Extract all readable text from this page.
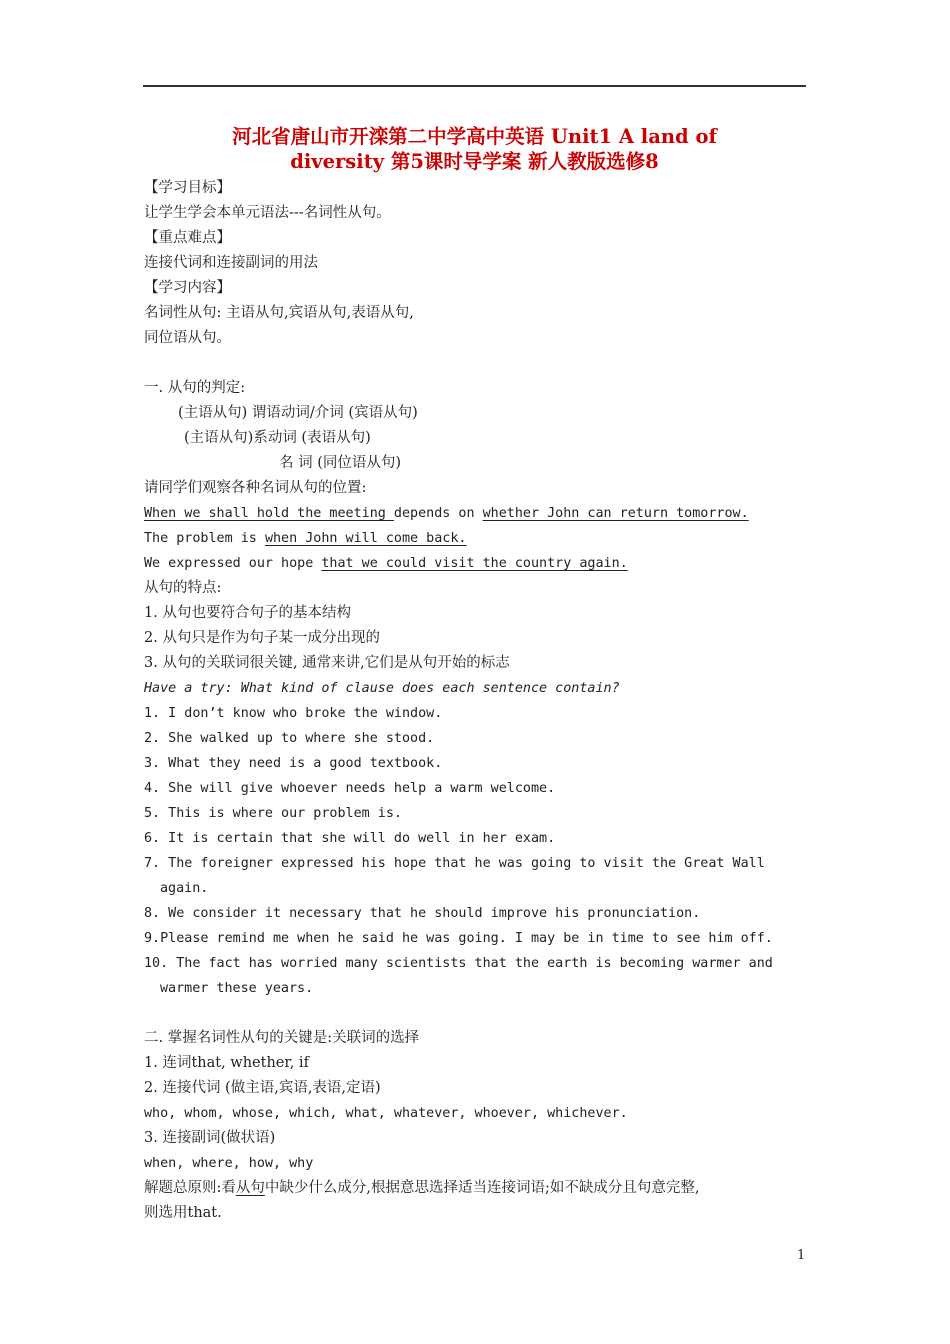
河北省唐山市开滦第二中学高中英语 Unit1 A land of
diversity 第5课时导学案 新人教版选修8
【学习目标】
让学生学会本单元语法---名词性从句。
【重点难点】
连接代词和连接副词的用法
【学习内容】
名词性从句: 主语从句,宾语从句,表语从句,
同位语从句。
一. 从句的判定:
(主语从句) 谓语动词/介词 (宾语从句)
(主语从句)系动词 (表语从句)
名 词 (同位语从句)
请同学们观察各种名词从句的位置:
When we shall hold the meeting depends on whether John can return tomorrow.
The problem is when John will come back.
We expressed our hope that we could visit the country again.
从句的特点:
1. 从句也要符合句子的基本结构
2. 从句只是作为句子某一成分出现的
3. 从句的关联词很关键, 通常来讲,它们是从句开始的标志
Have a try: What kind of clause does each sentence contain?
1. I don’t know who broke the window.
2. She walked up to where she stood.
3. What they need is a good textbook.
4. She will give whoever needs help a warm welcome.
5. This is where our problem is.
6. It is certain that she will do well in her exam.
7. The foreigner expressed his hope that he was going to visit the Great Wall
again.
8. We consider it necessary that he should improve his pronunciation.
9.Please remind me when he said he was going. I may be in time to see him off.
10. The fact has worried many scientists that the earth is becoming warmer and
warmer these years.
二. 掌握名词性从句的关键是:关联词的选择
1. 连词that, whether, if
2. 连接代词 (做主语,宾语,表语,定语)
who, whom, whose, which, what, whatever, whoever, whichever.
3. 连接副词(做状语)
when, where, how, why
解题总原则:看从句中缺少什么成分,根据意思选择适当连接词语;如不缺成分且句意完整,
则选用that.
1
